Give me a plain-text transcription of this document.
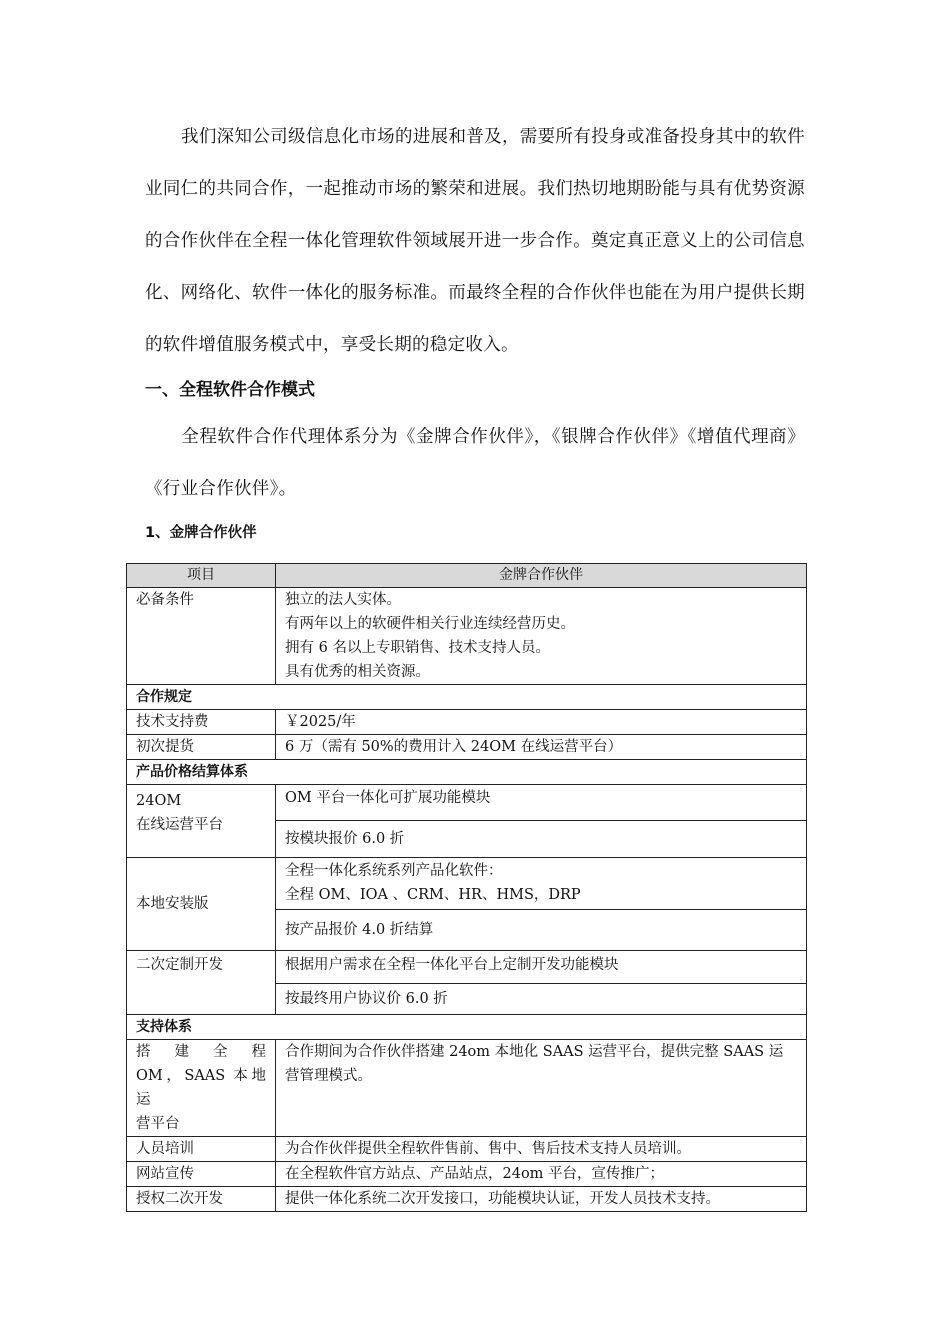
我们深知公司级信息化市场的进展和普及，需要所有投身或准备投身其中的软件业同仁的共同合作，一起推动市场的繁荣和进展。我们热切地期盼能与具有优势资源的合作伙伴在全程一体化管理软件领域展开进一步合作。奠定真正意义上的公司信息化、网络化、软件一体化的服务标准。而最终全程的合作伙伴也能在为用户提供长期的软件增值服务模式中，享受长期的稳定收入。

一、全程软件合作模式

全程软件合作代理体系分为《金牌合作伙伴》，《银牌合作伙伴》《增值代理商》《行业合作伙伴》。

1、金牌合作伙伴
项目	金牌合作伙伴
必备条件	独立的法人实体。
有两年以上的软硬件相关行业连续经营历史。
拥有 6 名以上专职销售、技术支持人员。
具有优秀的相关资源。

合作规定	
技术支持费	￥2025/年
初次提货	6 万（需有 50%的费用计入 24OM 在线运营平台）
产品价格结算体系	

24OM
在线运营平台	OM 平台一体化可扩展功能模块
	按模块报价 6.0 折
本地安装版	全程一体化系统系列产品化软件：
全程 OM、IOA 、CRM、HR、HMS，DRP

	按产品报价 4.0 折结算
二次定制开发	根据用户需求在全程一体化平台上定制开发功能模块
	按最终用户协议价 6.0 折
支持体系	

搭 建 全 程
OM，SAAS 本地运
营平台	合作期间为合作伙伴搭建 24om 本地化 SAAS 运营平台，提供完整 SAAS 运营管理模式。
人员培训	为合作伙伴提供全程软件售前、售中、售后技术支持人员培训。
网站宣传	在全程软件官方站点、产品站点，24om 平台，宣传推广；
授权二次开发	提供一体化系统二次开发接口，功能模块认证，开发人员技术支持。
